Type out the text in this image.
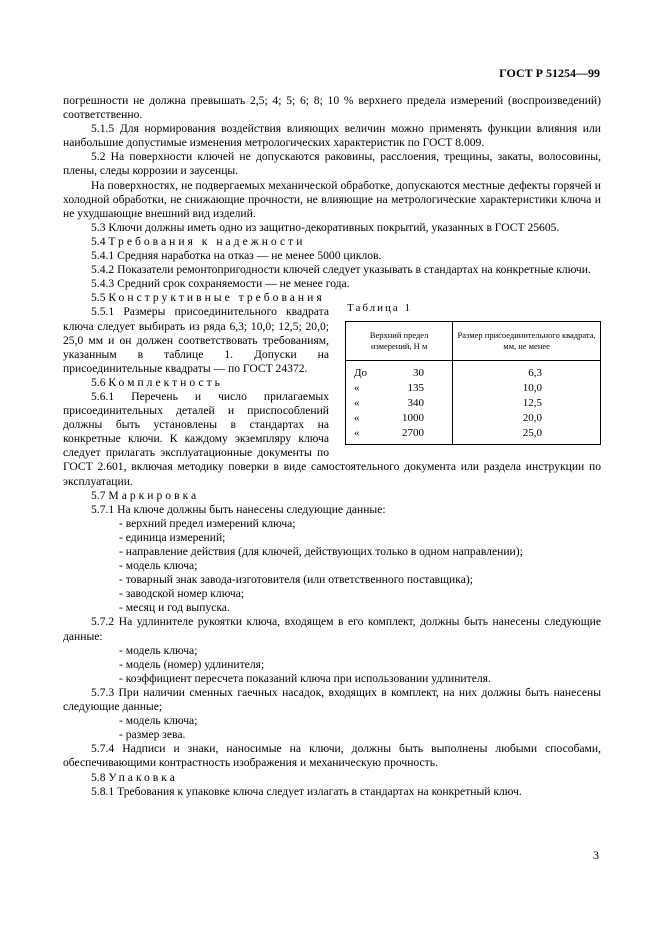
ГОСТ Р 51254—99

погрешности не должна превышать 2,5; 4; 5; 6; 8; 10 % верхнего предела измерений (воспроизведений) соответственно.

5.1.5 Для нормирования воздействия влияющих величин можно применять функции влияния или наибольшие допустимые изменения метрологических характеристик по ГОСТ 8.009.

5.2 На поверхности ключей не допускаются раковины, расслоения, трещины, закаты, волосовины, плены, следы коррозии и заусенцы.

На поверхностях, не подвергаемых механической обработке, допускаются местные дефекты горячей и холодной обработки, не снижающие прочности, не влияющие на метрологические характеристики ключа и не ухудшающие внешний вид изделий.

5.3 Ключи должны иметь одно из защитно-декоративных покрытий, указанных в ГОСТ 25605.

5.4 Требования к надежности

5.4.1 Средняя наработка на отказ — не менее 5000 циклов.

5.4.2 Показатели ремонтопригодности ключей следует указывать в стандартах на конкретные ключи.

5.4.3 Средний срок сохраняемости — не менее года.

Таблица 1
Верхний предел измерений, Н м	Размер присоединительного квадрата, мм, не менее

До 30	6,3

« 135	10,0

« 340	12,5

« 1000	20,0

« 2700	25,0

5.5 Конструктивные требования

5.5.1 Размеры присоединительного квадрата ключа следует выбирать из ряда 6,3; 10,0; 12,5; 20,0; 25,0 мм и он должен соответствовать требованиям, указанным в таблице 1. Допуски на присоединительные квадраты — по ГОСТ 24372.

5.6 Комплектность

5.6.1 Перечень и число прилагаемых присоединительных деталей и приспособлений должны быть установлены в стандартах на конкретные ключи. К каждому экземпляру ключа следует прилагать эксплуатационные документы по ГОСТ 2.601, включая методику поверки в виде самостоятельного документа или раздела инструкции по эксплуатации.

5.7 Маркировка

5.7.1 На ключе должны быть нанесены следующие данные:

- верхний предел измерений ключа;

- единица измерений;

- направление действия (для ключей, действующих только в одном направлении);

- модель ключа;

- товарный знак завода-изготовителя (или ответственного поставщика);

- заводской номер ключа;

- месяц и год выпуска.

5.7.2 На удлинителе рукоятки ключа, входящем в его комплект, должны быть нанесены следующие данные:

- модель ключа;

- модель (номер) удлинителя;

- коэффициент пересчета показаний ключа при использовании удлинителя.

5.7.3 При наличии сменных гаечных насадок, входящих в комплект, на них должны быть нанесены следующие данные;

- модель ключа;

- размер зева.

5.7.4 Надписи и знаки, наносимые на ключи, должны быть выполнены любыми способами, обеспечивающими контрастность изображения и механическую прочность.

5.8 Упаковка

5.8.1 Требования к упаковке ключа следует излагать в стандартах на конкретный ключ.

3
